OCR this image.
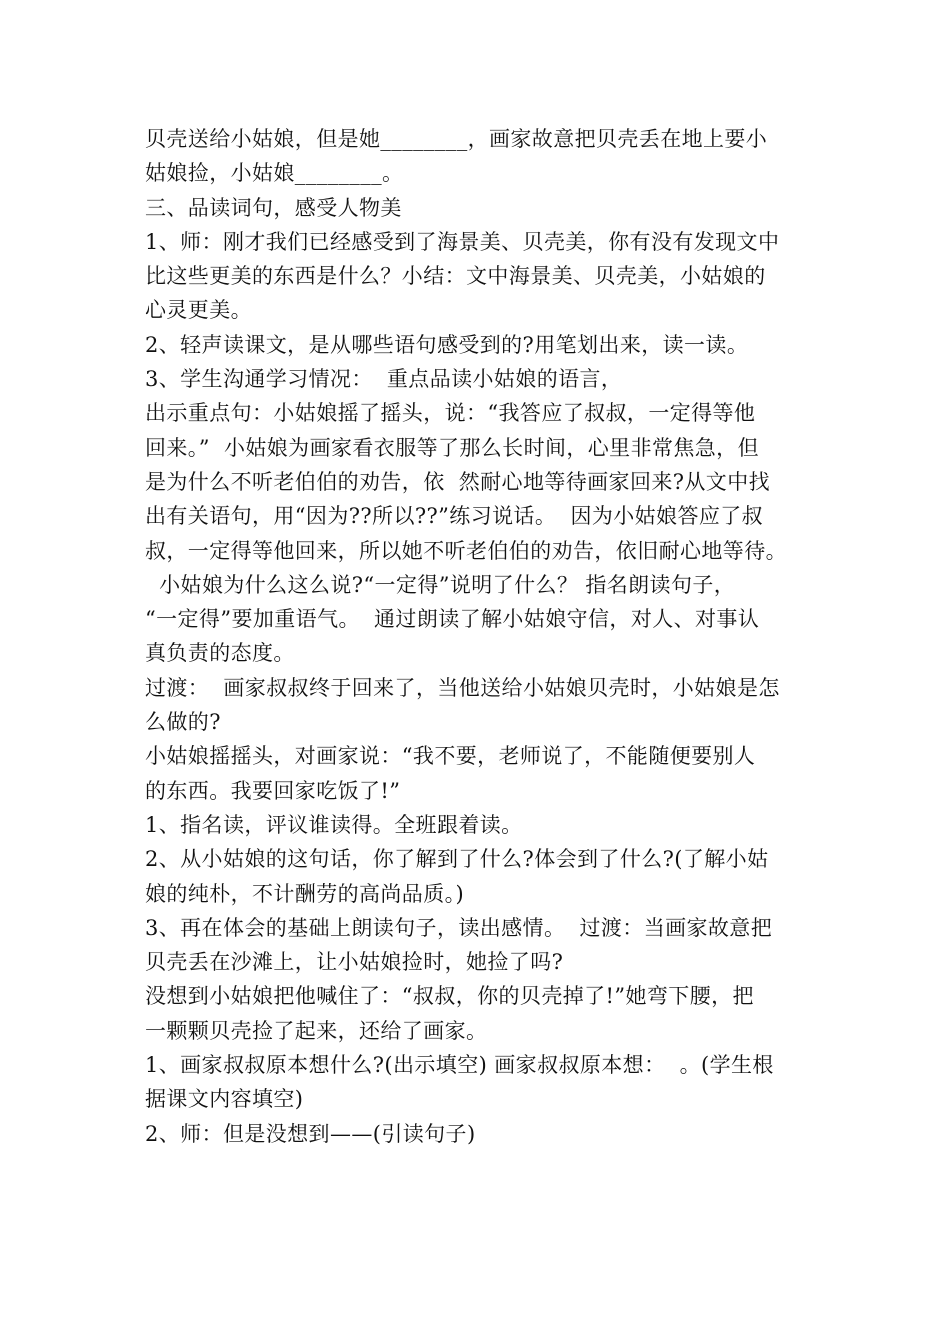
贝壳送给小姑娘，但是她________，画家故意把贝壳丢在地上要小
姑娘捡，小姑娘________。
三、品读词句，感受人物美
1、师：刚才我们已经感受到了海景美、贝壳美，你有没有发现文中
比这些更美的东西是什么？小结：文中海景美、贝壳美，小姑娘的
心灵更美。
2、轻声读课文，是从哪些语句感受到的?用笔划出来，读一读。
3、学生沟通学习情况：  重点品读小姑娘的语言，
出示重点句：小姑娘摇了摇头，说：“我答应了叔叔，一定得等他
回来。”  小姑娘为画家看衣服等了那么长时间，心里非常焦急，但
是为什么不听老伯伯的劝告，依  然耐心地等待画家回来?从文中找
出有关语句，用“因为??所以??”练习说话。  因为小姑娘答应了叔
叔，一定得等他回来，所以她不听老伯伯的劝告，依旧耐心地等待。
小姑娘为什么这么说?“一定得”说明了什么？ 指名朗读句子，
“一定得”要加重语气。  通过朗读了解小姑娘守信，对人、对事认
真负责的态度。
过渡：  画家叔叔终于回来了，当他送给小姑娘贝壳时，小姑娘是怎
么做的?
小姑娘摇摇头，对画家说：“我不要，老师说了，不能随便要别人
的东西。我要回家吃饭了!”
1、指名读，评议谁读得。全班跟着读。
2、从小姑娘的这句话，你了解到了什么?体会到了什么?(了解小姑
娘的纯朴，不计酬劳的高尚品质。)
3、再在体会的基础上朗读句子，读出感情。  过渡：当画家故意把
贝壳丢在沙滩上，让小姑娘捡时，她捡了吗?
没想到小姑娘把他喊住了：“叔叔，你的贝壳掉了!”她弯下腰，把
一颗颗贝壳捡了起来，还给了画家。
1、画家叔叔原本想什么?(出示填空) 画家叔叔原本想：  。(学生根
据课文内容填空)
2、师：但是没想到——(引读句子)
